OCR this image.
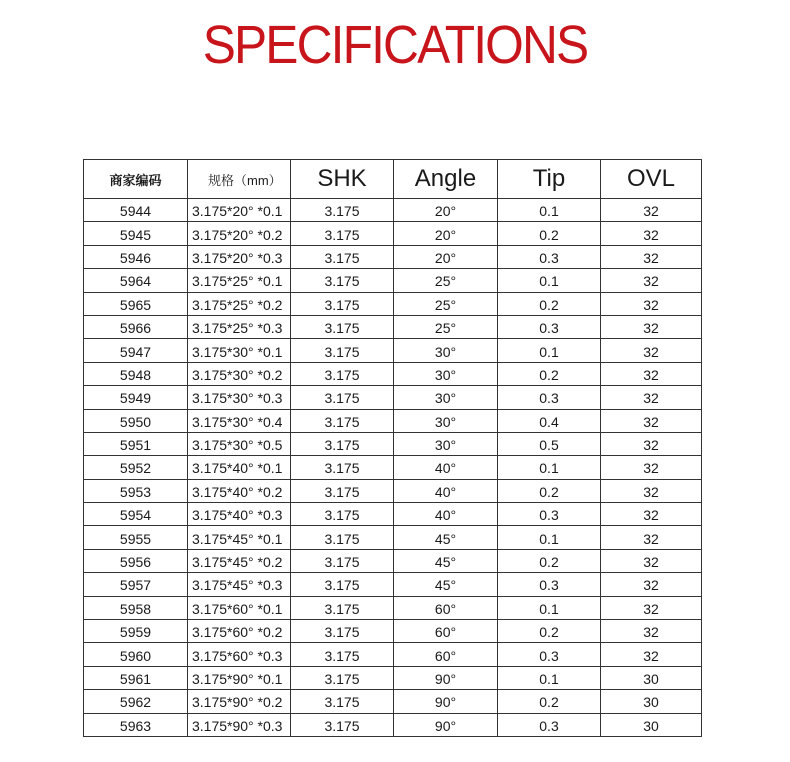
SPECIFICATIONS
商家编码	规格（mm）	SHK	Angle	Tip	OVL
5944	3.175*20° *0.1	3.175	20°	0.1	32
5945	3.175*20° *0.2	3.175	20°	0.2	32
5946	3.175*20° *0.3	3.175	20°	0.3	32
5964	3.175*25° *0.1	3.175	25°	0.1	32
5965	3.175*25° *0.2	3.175	25°	0.2	32
5966	3.175*25° *0.3	3.175	25°	0.3	32
5947	3.175*30° *0.1	3.175	30°	0.1	32
5948	3.175*30° *0.2	3.175	30°	0.2	32
5949	3.175*30° *0.3	3.175	30°	0.3	32
5950	3.175*30° *0.4	3.175	30°	0.4	32
5951	3.175*30° *0.5	3.175	30°	0.5	32
5952	3.175*40° *0.1	3.175	40°	0.1	32
5953	3.175*40° *0.2	3.175	40°	0.2	32
5954	3.175*40° *0.3	3.175	40°	0.3	32
5955	3.175*45° *0.1	3.175	45°	0.1	32
5956	3.175*45° *0.2	3.175	45°	0.2	32
5957	3.175*45° *0.3	3.175	45°	0.3	32
5958	3.175*60° *0.1	3.175	60°	0.1	32
5959	3.175*60° *0.2	3.175	60°	0.2	32
5960	3.175*60° *0.3	3.175	60°	0.3	32
5961	3.175*90° *0.1	3.175	90°	0.1	30
5962	3.175*90° *0.2	3.175	90°	0.2	30
5963	3.175*90° *0.3	3.175	90°	0.3	30
